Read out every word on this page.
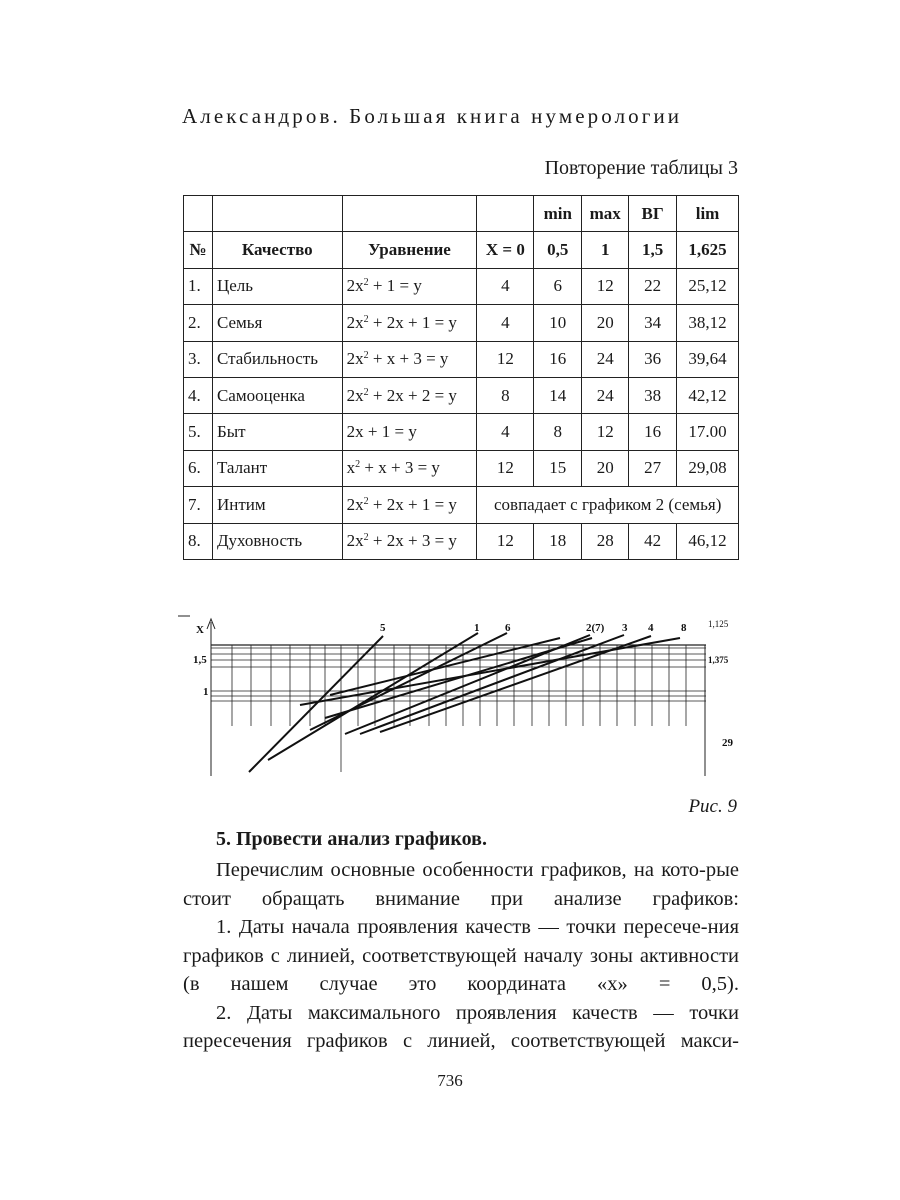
Александров. Большая книга нумерологии
Повторение таблицы 3
				min	max	ВГ	lim
№	Качество	Уравнение	X = 0	0,5	1	1,5	1,625
1.	Цель	$2x^2 + 1 = y$	4	6	12	22	25,12
2.	Семья	$2x^2 + 2x + 1 = y$	4	10	20	34	38,12
3.	Стабильность	$2x^2 + x + 3 = y$	12	16	24	36	39,64
4.	Самооценка	$2x^2 + 2x + 2 = y$	8	14	24	38	42,12
5.	Быт	2x + 1 = y	4	8	12	16	17.00
6.	Талант	$x^2 + x + 3 = y$	12	15	20	27	29,08
7.	Интим	$2x^2 + 2x + 1 = y$	совпадает с графиком 2 (семья)				
8.	Духовность	$2x^2 + 2x + 3 = y$	12	18	28	42	46,12
X
1,5
1
1,125
1,375
29
5	1 6	2(7) 3 4	8
Рис. 9
5. Провести анализ графиков.

Перечислим основные особенности графиков, на кото-рые стоит обращать внимание при анализе графиков:

1. Даты начала проявления качеств — точки пересече-ния графиков с линией, соответствующей началу зоны активности (в нашем случае это координата «х» = 0,5).

2. Даты максимального проявления качеств — точки пересечения графиков с линией, соответствующей макси-

736
